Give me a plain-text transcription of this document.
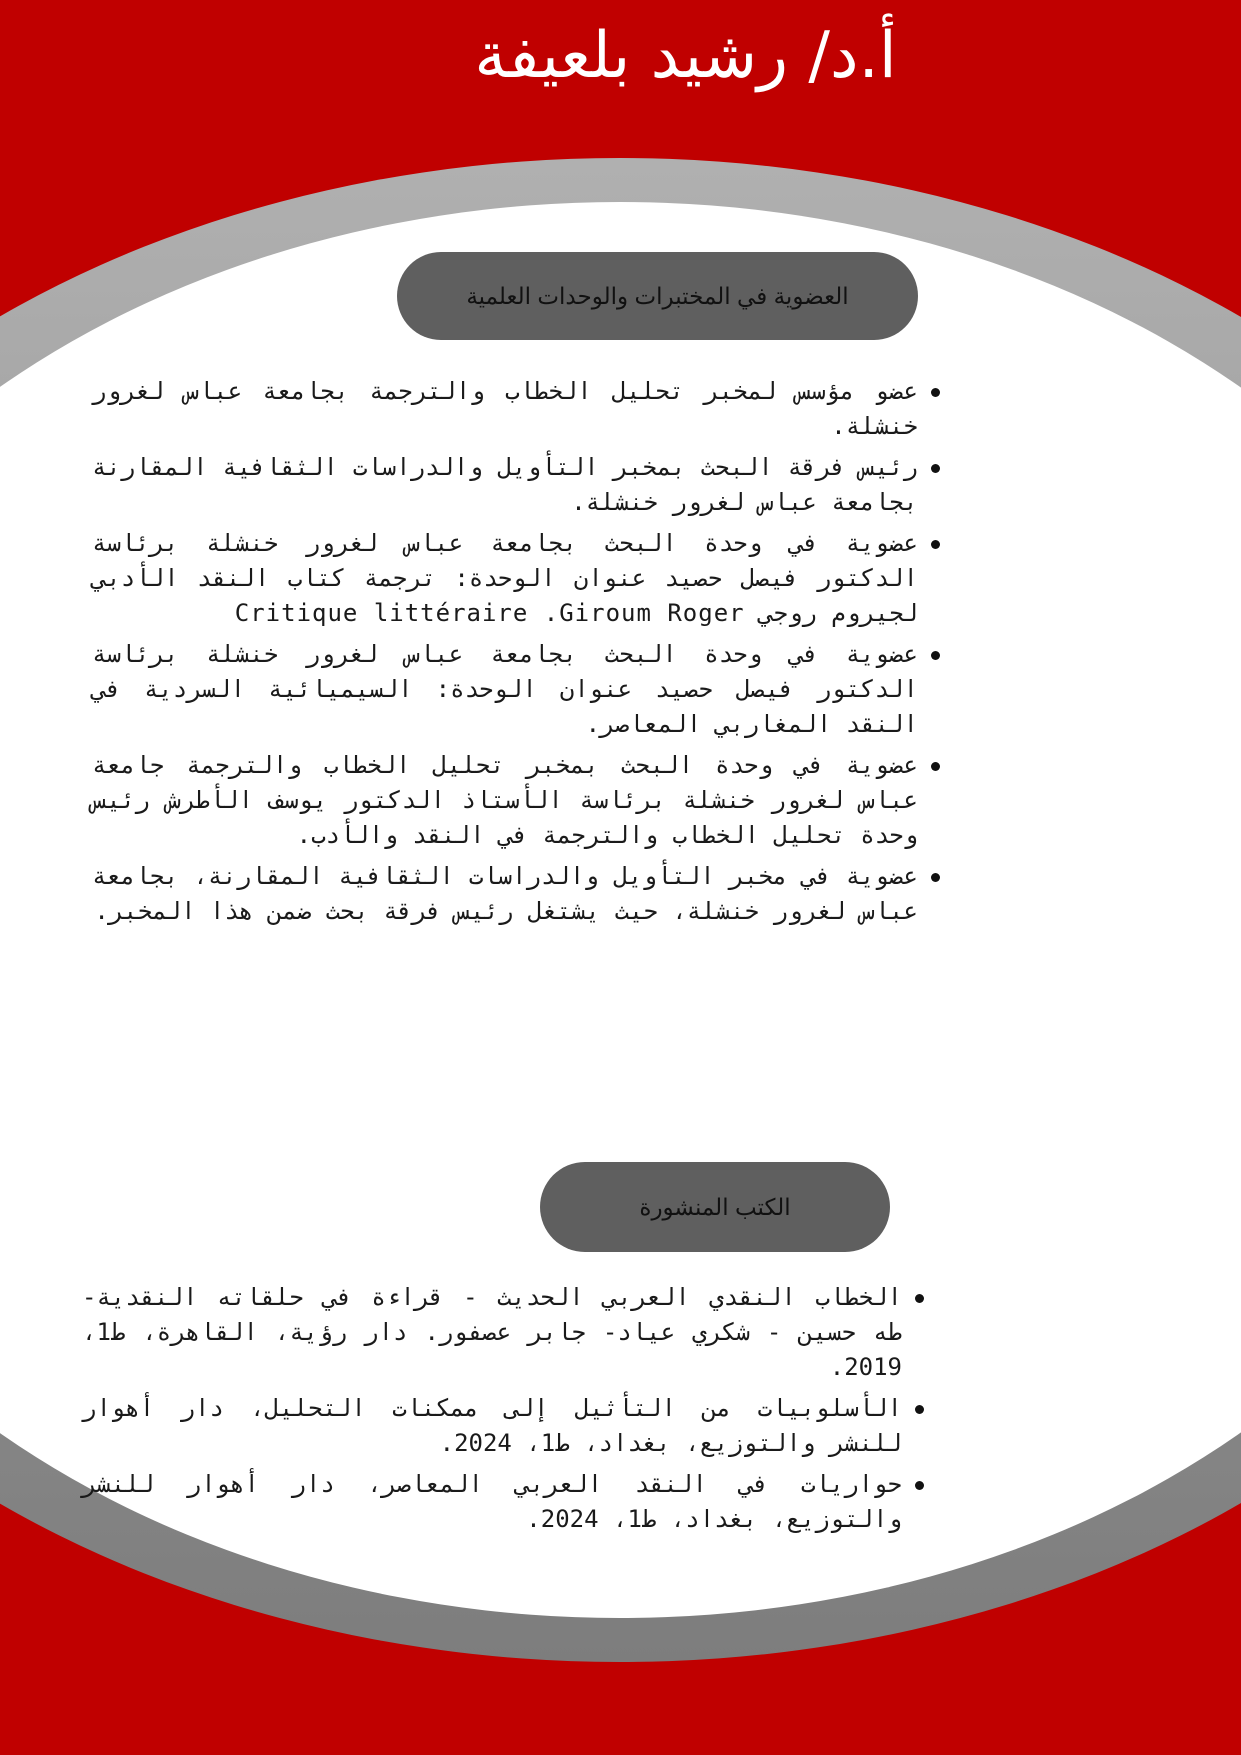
أ.د/ رشيد بلعيفة
العضوية في المختبرات والوحدات العلمية
عضو مؤسس لمخبر تحليل الخطاب والترجمة بجامعة عباس لغرور خنشلة.
رئيس فرقة البحث بمخبر التأويل والدراسات الثقافية المقارنة بجامعة عباس لغرور خنشلة.
عضوية في وحدة البحث بجامعة عباس لغرور خنشلة برئاسة الدكتور فيصل حصيد عنوان الوحدة: ترجمة كتاب النقد الأدبي لجيروم روجي Critique littéraire .Giroum Roger
عضوية في وحدة البحث بجامعة عباس لغرور خنشلة برئاسة الدكتور فيصل حصيد عنوان الوحدة: السيميائية السردية في النقد المغاربي المعاصر.
عضوية في وحدة البحث بمخبر تحليل الخطاب والترجمة جامعة عباس لغرور خنشلة برئاسة الأستاذ الدكتور يوسف الأطرش رئيس وحدة تحليل الخطاب والترجمة في النقد والأدب.
عضوية في مخبر التأويل والدراسات الثقافية المقارنة، بجامعة عباس لغرور خنشلة، حيث يشتغل رئيس فرقة بحث ضمن هذا المخبر.
الكتب المنشورة
الخطاب النقدي العربي الحديث - قراءة في حلقاته النقدية- طه حسين - شكري عياد- جابر عصفور. دار رؤية، القاهرة، ط1، 2019.
الأسلوبيات من التأثيل إلى ممكنات التحليل، دار أهوار للنشر والتوزيع، بغداد، ط1، 2024.
حواريات في النقد العربي المعاصر، دار أهوار للنشر والتوزيع، بغداد، ط1، 2024.
